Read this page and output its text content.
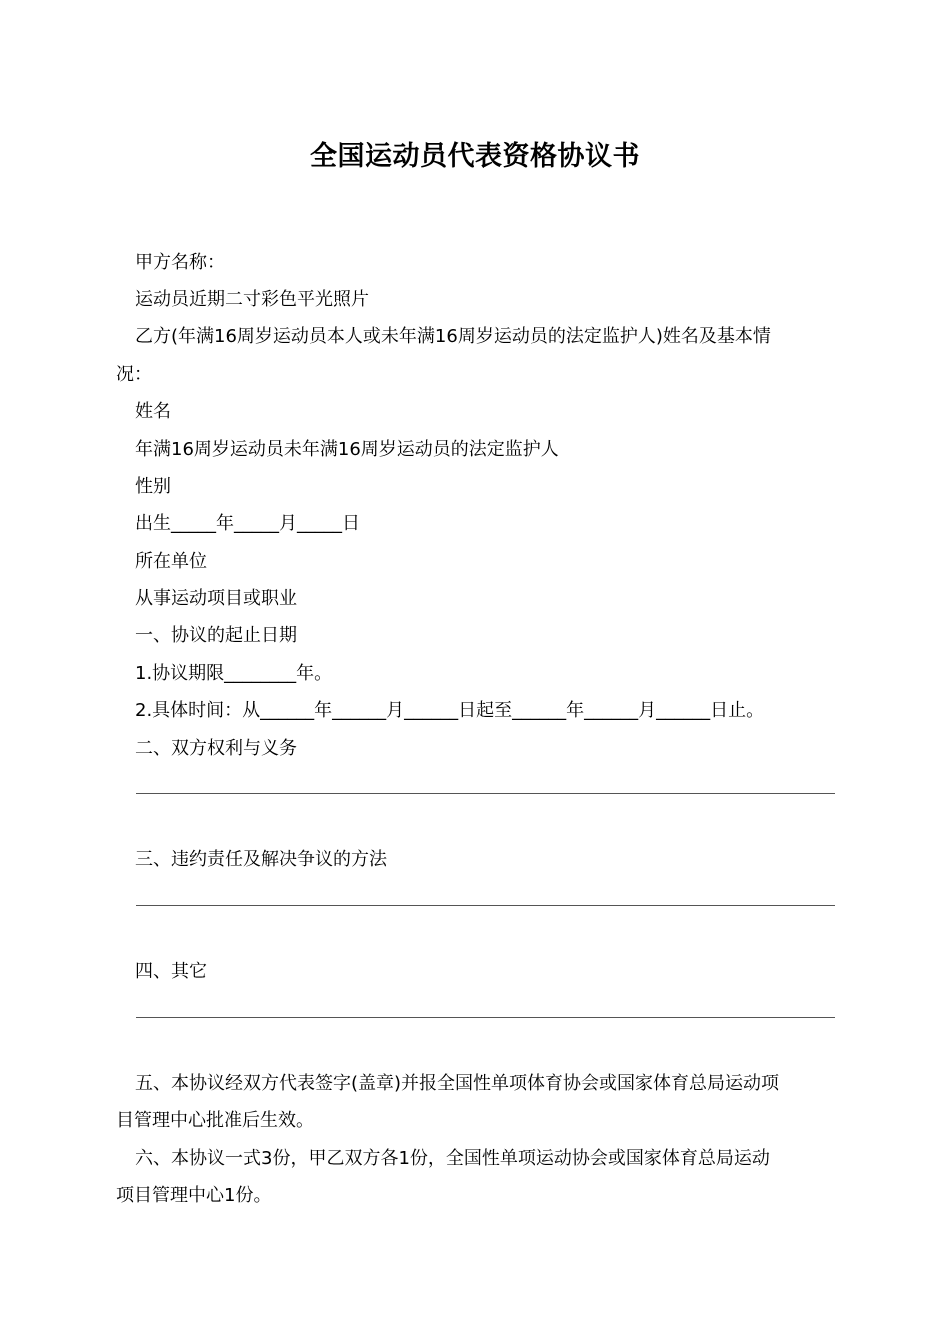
全国运动员代表资格协议书

甲方名称：

运动员近期二寸彩色平光照片

乙方(年满16周岁运动员本人或未年满16周岁运动员的法定监护人)姓名及基本情

况：

姓名

年满16周岁运动员未年满16周岁运动员的法定监护人

性别

出生_____年_____月_____日

所在单位

从事运动项目或职业

一、协议的起止日期

1.协议期限________年。

2.具体时间：从______年______月______日起至______年______月______日止。

二、双方权利与义务

三、违约责任及解决争议的方法

四、其它

五、本协议经双方代表签字(盖章)并报全国性单项体育协会或国家体育总局运动项

目管理中心批准后生效。

六、本协议一式3份，甲乙双方各1份，全国性单项运动协会或国家体育总局运动

项目管理中心1份。
